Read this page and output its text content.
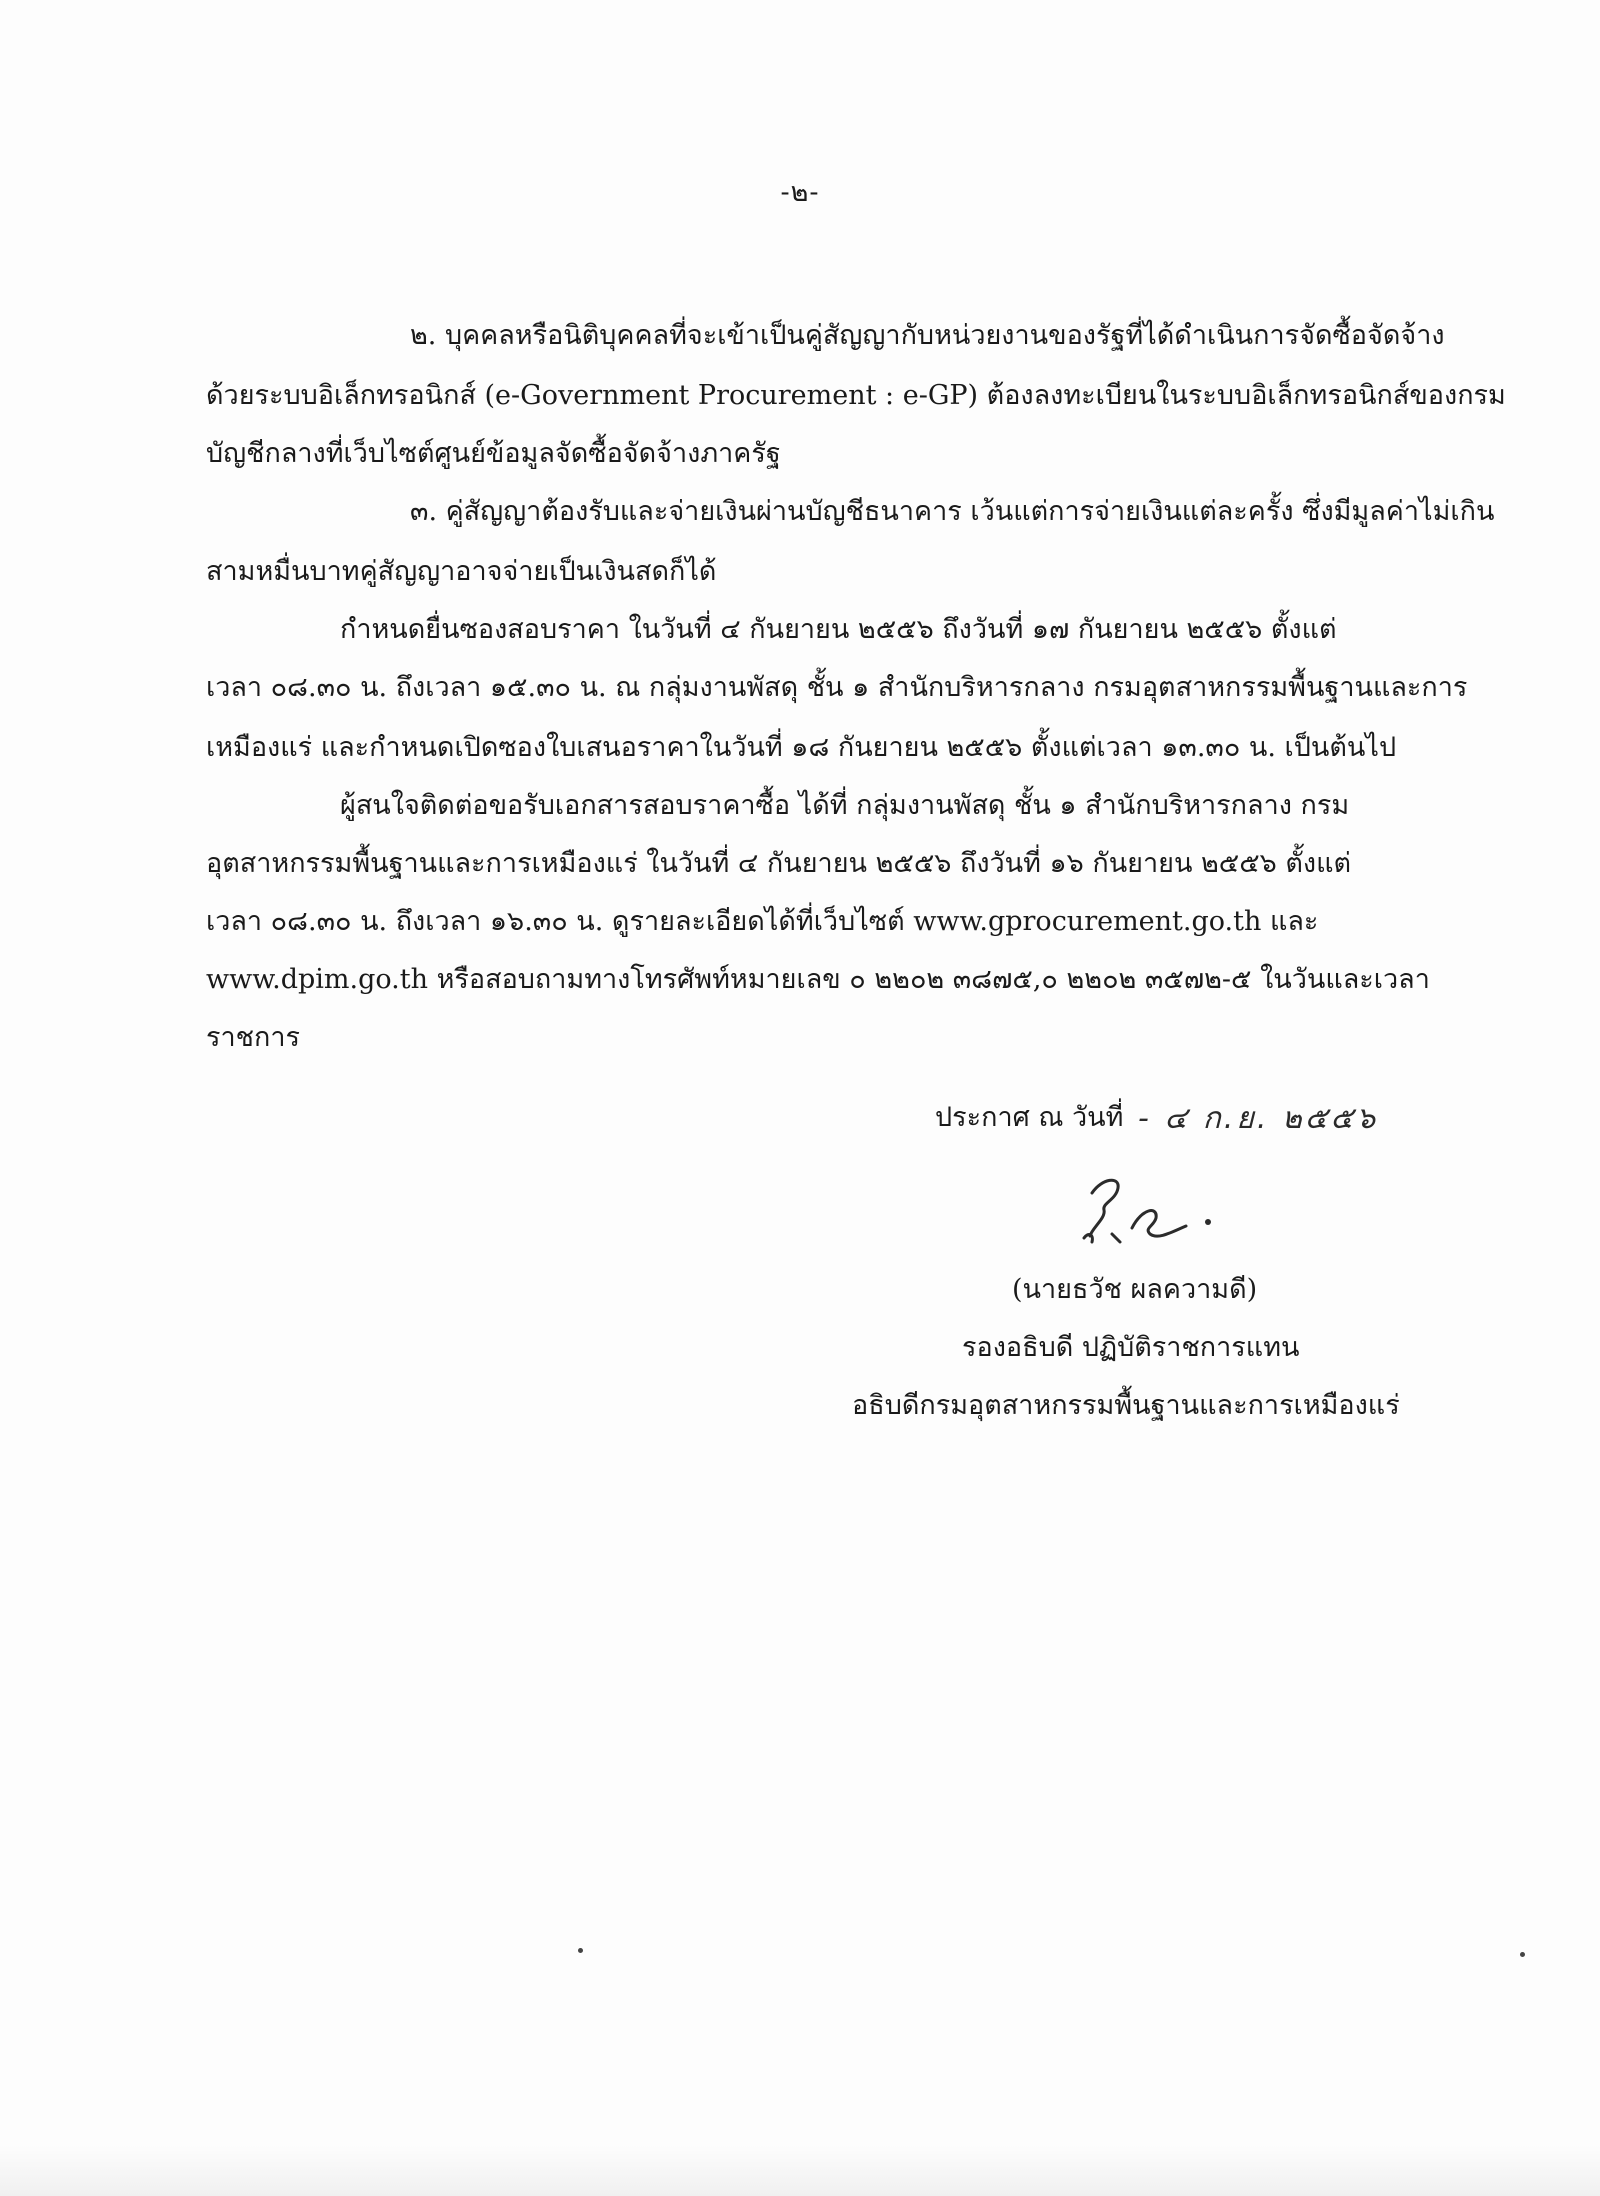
-๒-
๒. บุคคลหรือนิติบุคคลที่จะเข้าเป็นคู่สัญญากับหน่วยงานของรัฐที่ได้ดำเนินการจัดซื้อจัดจ้าง
ด้วยระบบอิเล็กทรอนิกส์ (e-Government Procurement : e-GP) ต้องลงทะเบียนในระบบอิเล็กทรอนิกส์ของกรม
บัญชีกลางที่เว็บไซต์ศูนย์ข้อมูลจัดซื้อจัดจ้างภาครัฐ
๓. คู่สัญญาต้องรับและจ่ายเงินผ่านบัญชีธนาคาร เว้นแต่การจ่ายเงินแต่ละครั้ง ซึ่งมีมูลค่าไม่เกิน
สามหมื่นบาทคู่สัญญาอาจจ่ายเป็นเงินสดก็ได้
กำหนดยื่นซองสอบราคา ในวันที่ ๔ กันยายน ๒๕๕๖ ถึงวันที่ ๑๗ กันยายน ๒๕๕๖ ตั้งแต่
เวลา ๐๘.๓๐ น. ถึงเวลา ๑๕.๓๐ น. ณ กลุ่มงานพัสดุ ชั้น ๑ สำนักบริหารกลาง กรมอุตสาหกรรมพื้นฐานและการ
เหมืองแร่ และกำหนดเปิดซองใบเสนอราคาในวันที่ ๑๘ กันยายน ๒๕๕๖ ตั้งแต่เวลา ๑๓.๓๐ น. เป็นต้นไป
ผู้สนใจติดต่อขอรับเอกสารสอบราคาซื้อ ได้ที่ กลุ่มงานพัสดุ ชั้น ๑ สำนักบริหารกลาง กรม
อุตสาหกรรมพื้นฐานและการเหมืองแร่ ในวันที่ ๔ กันยายน ๒๕๕๖ ถึงวันที่ ๑๖ กันยายน ๒๕๕๖ ตั้งแต่
เวลา ๐๘.๓๐ น. ถึงเวลา ๑๖.๓๐ น. ดูรายละเอียดได้ที่เว็บไซต์ www.gprocurement.go.th และ
www.dpim.go.th หรือสอบถามทางโทรศัพท์หมายเลข ๐ ๒๒๐๒ ๓๘๗๕,๐ ๒๒๐๒ ๓๕๗๒-๕ ในวันและเวลา
ราชการ
ประกาศ ณ วันที่ - ๔ ก.ย. ๒๕๕๖
(นายธวัช ผลความดี)
รองอธิบดี ปฏิบัติราชการแทน
อธิบดีกรมอุตสาหกรรมพื้นฐานและการเหมืองแร่
